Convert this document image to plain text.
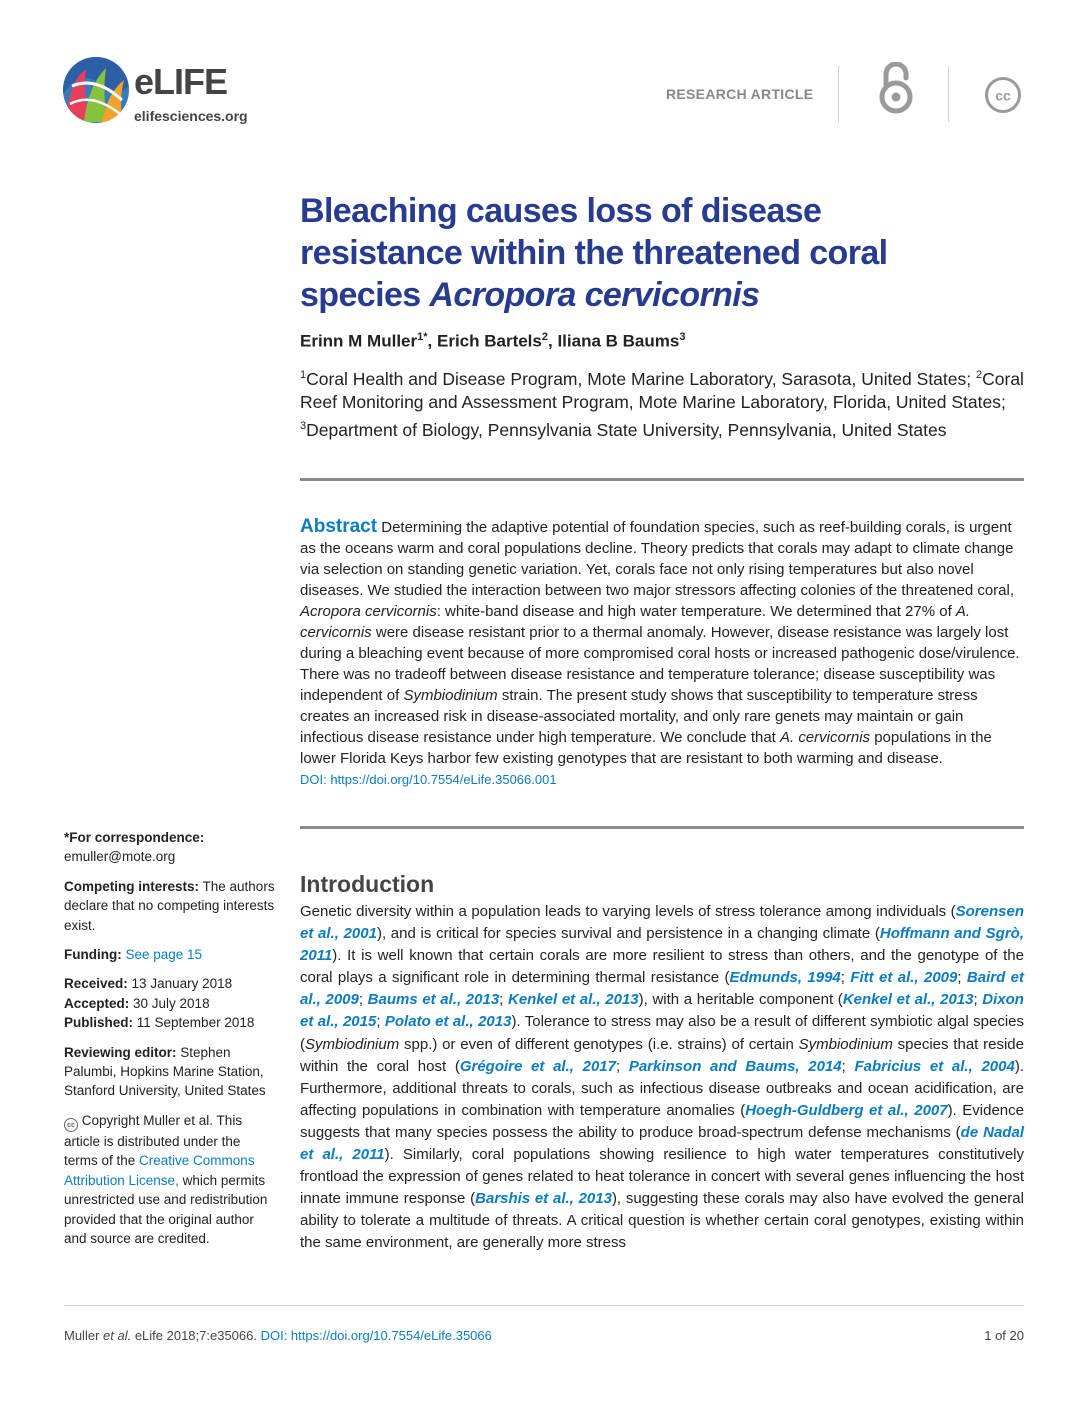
eLIFE
elifesciences.org
RESEARCH ARTICLE	cc
Bleaching causes loss of disease
resistance within the threatened coral
species Acropora cervicornis
Erinn M Muller$^{1*}$, Erich Bartels$^2$, Iliana B Baums$^3$
$^1$Coral Health and Disease Program, Mote Marine Laboratory, Sarasota, United States; $^2$Coral Reef Monitoring and Assessment Program, Mote Marine Laboratory, Florida, United States; $^3$Department of Biology, Pennsylvania State University, Pennsylvania, United States
Abstract Determining the adaptive potential of foundation species, such as reef-building corals, is urgent as the oceans warm and coral populations decline. Theory predicts that corals may adapt to climate change via selection on standing genetic variation. Yet, corals face not only rising temperatures but also novel diseases. We studied the interaction between two major stressors affecting colonies of the threatened coral, Acropora cervicornis: white-band disease and high water temperature. We determined that 27% of A. cervicornis were disease resistant prior to a thermal anomaly. However, disease resistance was largely lost during a bleaching event because of more compromised coral hosts or increased pathogenic dose/virulence. There was no tradeoff between disease resistance and temperature tolerance; disease susceptibility was independent of Symbiodinium strain. The present study shows that susceptibility to temperature stress creates an increased risk in disease-associated mortality, and only rare genets may maintain or gain infectious disease resistance under high temperature. We conclude that A. cervicornis populations in the lower Florida Keys harbor few existing genotypes that are resistant to both warming and disease.
DOI: https://doi.org/10.7554/eLife.35066.001

*For correspondence:
emuller@mote.org

Competing interests: The authors declare that no competing interests exist.

Funding: See page 15

Received: 13 January 2018
Accepted: 30 July 2018
Published: 11 September 2018

Reviewing editor: Stephen Palumbi, Hopkins Marine Station, Stanford University, United States

cc Copyright Muller et al. This article is distributed under the terms of the Creative Commons Attribution License, which permits unrestricted use and redistribution provided that the original author and source are credited.

Introduction

Genetic diversity within a population leads to varying levels of stress tolerance among individuals (Sorensen et al., 2001), and is critical for species survival and persistence in a changing climate (Hoffmann and Sgrò, 2011). It is well known that certain corals are more resilient to stress than others, and the genotype of the coral plays a significant role in determining thermal resistance (Edmunds, 1994; Fitt et al., 2009; Baird et al., 2009; Baums et al., 2013; Kenkel et al., 2013), with a heritable component (Kenkel et al., 2013; Dixon et al., 2015; Polato et al., 2013). Tolerance to stress may also be a result of different symbiotic algal species (Symbiodinium spp.) or even of different genotypes (i.e. strains) of certain Symbiodinium species that reside within the coral host (Grégoire et al., 2017; Parkinson and Baums, 2014; Fabricius et al., 2004). Furthermore, additional threats to corals, such as infectious disease outbreaks and ocean acidification, are affecting populations in combination with temperature anomalies (Hoegh-Guldberg et al., 2007). Evidence suggests that many species possess the ability to produce broad-spectrum defense mechanisms (de Nadal et al., 2011). Similarly, coral populations showing resilience to high water temperatures constitutively frontload the expression of genes related to heat tolerance in concert with several genes influencing the host innate immune response (Barshis et al., 2013), suggesting these corals may also have evolved the general ability to tolerate a multitude of threats. A critical question is whether certain coral genotypes, existing within the same environment, are generally more stress

Muller et al. eLife 2018;7:e35066. DOI: https://doi.org/10.7554/eLife.35066	1 of 20
